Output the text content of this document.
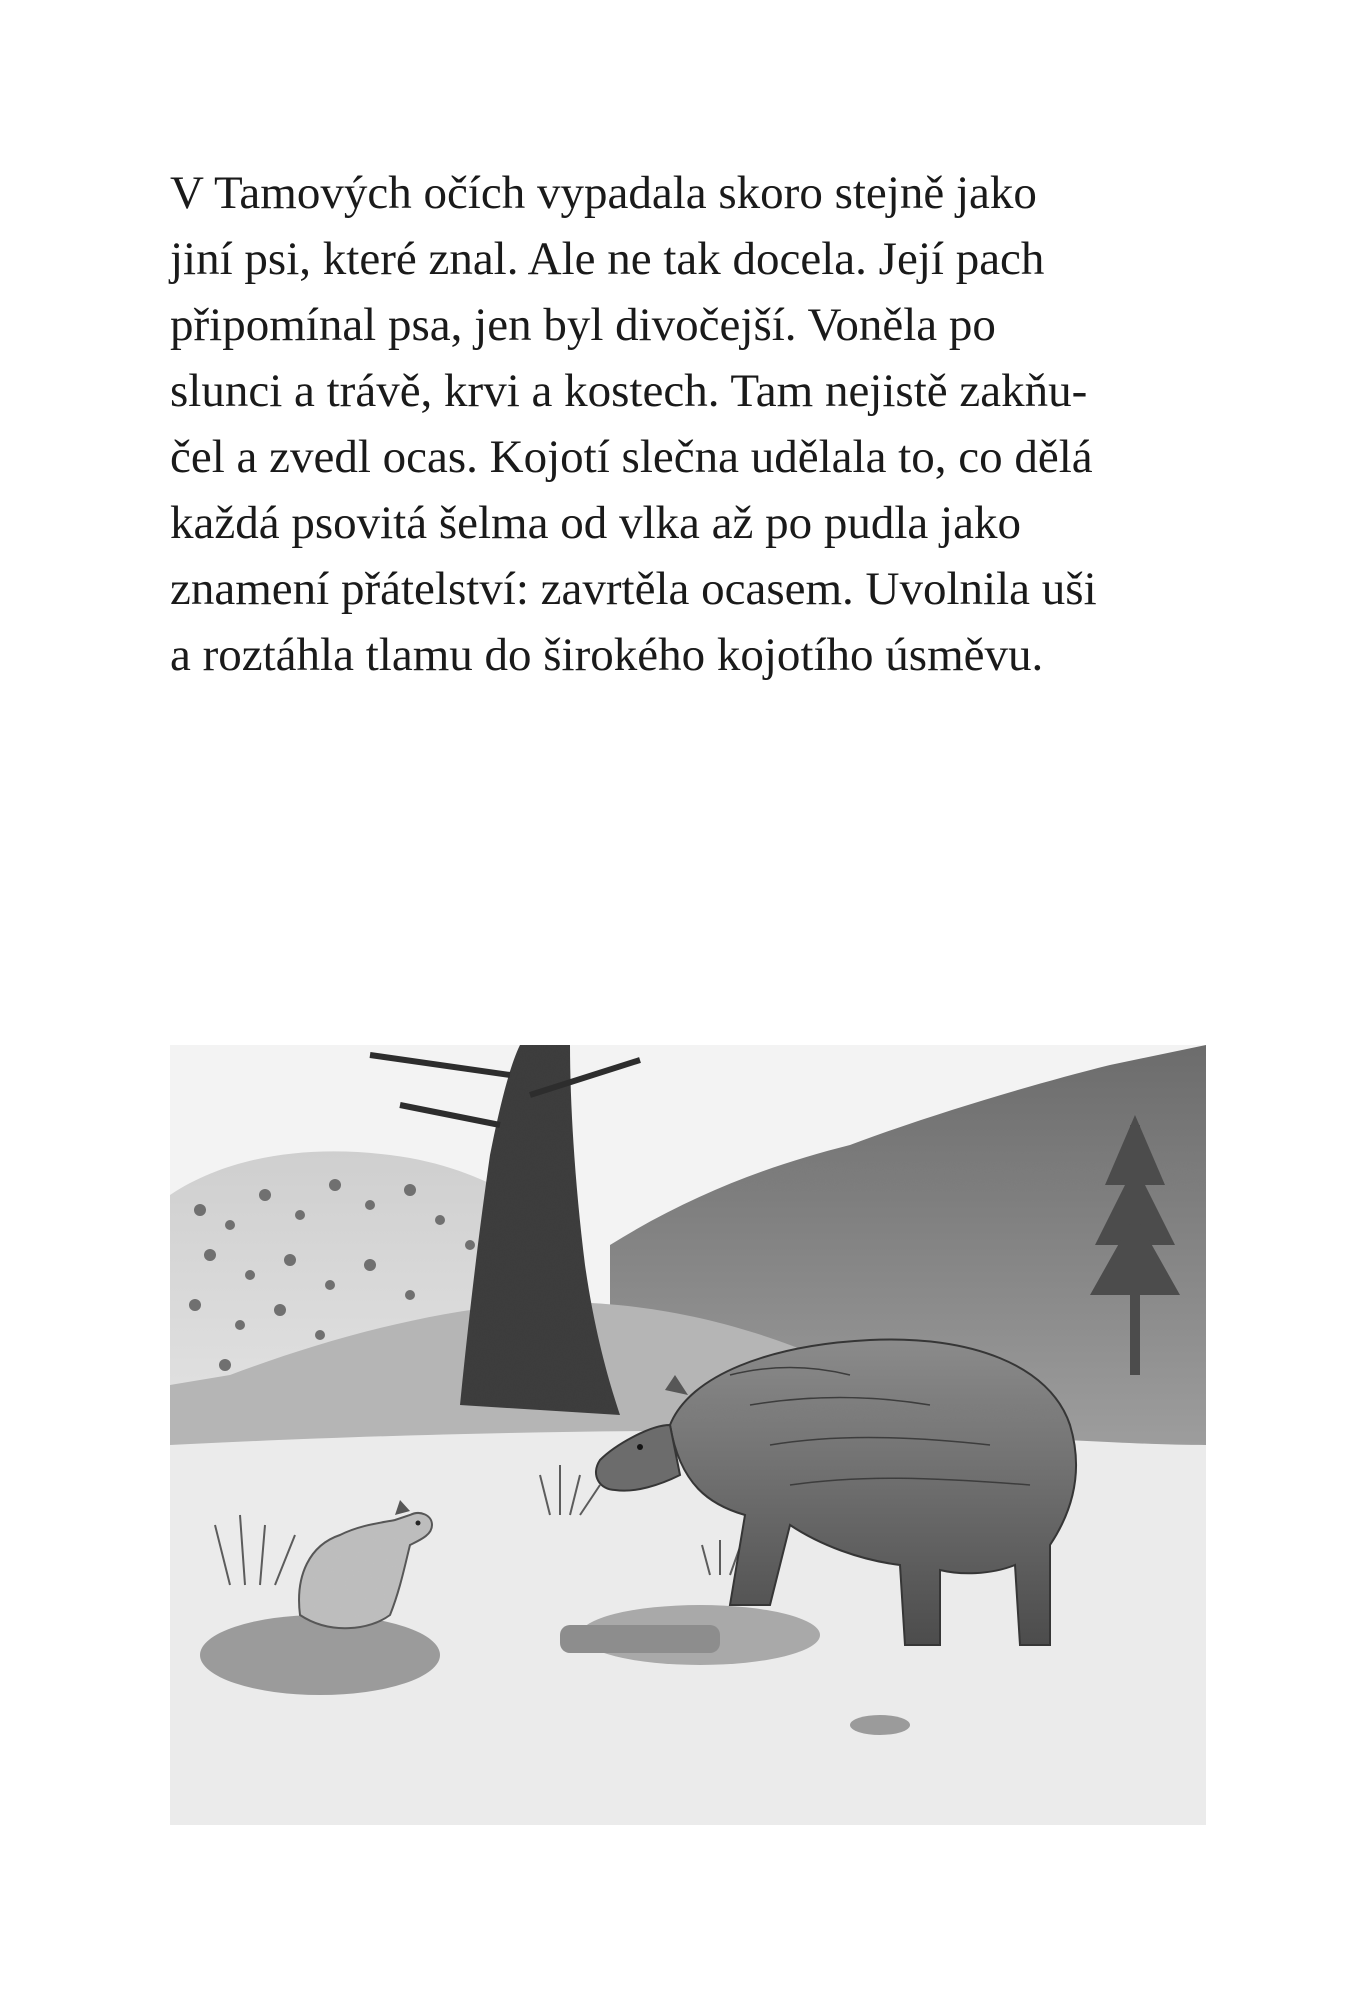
V Tamových očích vypadala skoro stejně jako
jiní psi, které znal. Ale ne tak docela. Její pach
připomínal psa, jen byl divočejší. Voněla po
slunci a trávě, krvi a kostech. Tam nejistě zakňu-
čel a zvedl ocas. Kojotí slečna udělala to, co dělá
každá psovitá šelma od vlka až po pudla jako
znamení přátelství: zavrtěla ocasem. Uvolnila uši
a roztáhla tlamu do širokého kojotího úsměvu.
